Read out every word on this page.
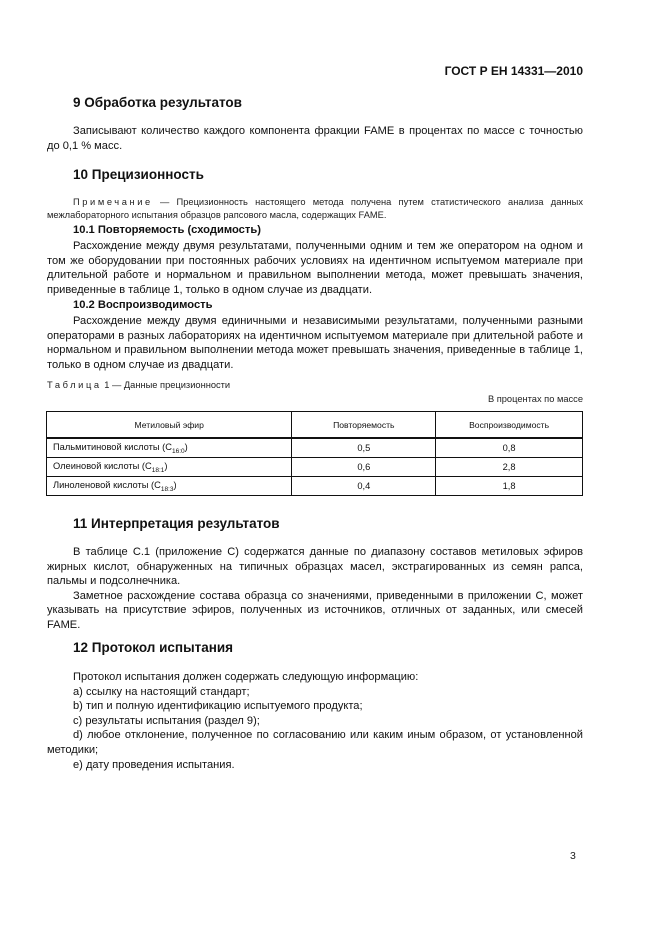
ГОСТ Р ЕН 14331—2010
9 Обработка результатов

Записывают количество каждого компонента фракции FAME в процентах по массе с точностью до 0,1 % масс.

10 Прецизионность

Примечание — Прецизионность настоящего метода получена путем статистического анализа данных межлабораторного испытания образцов рапсового масла, содержащих FAME.

10.1 Повторяемость (сходимость)

Расхождение между двумя результатами, полученными одним и тем же оператором на одном и том же оборудовании при постоянных рабочих условиях на идентичном испытуемом материале при длительной работе и нормальном и правильном выполнении метода, может превышать значения, приведенные в таблице 1, только в одном случае из двадцати.

10.2 Воспроизводимость

Расхождение между двумя единичными и независимыми результатами, полученными разными операторами в разных лабораториях на идентичном испытуемом материале при длительной работе и нормальном и правильном выполнении метода может превышать значения, приведенные в таблице 1, только в одном случае из двадцати.

Таблица 1 — Данные прецизионности
В процентах по массе
Метиловый эфир	Повторяемость	Воспроизводимость
Пальмитиновой кислоты $(C_{16:0})$	0,5	0,8
Олеиновой кислоты $(C_{18:1})$	0,6	2,8
Линоленовой кислоты $(C_{18:3})$	0,4	1,8
11 Интерпретация результатов

В таблице С.1 (приложение С) содержатся данные по диапазону составов метиловых эфиров жирных кислот, обнаруженных на типичных образцах масел, экстрагированных из семян рапса, пальмы и подсолнечника.

Заметное расхождение состава образца со значениями, приведенными в приложении С, может указывать на присутствие эфиров, полученных из источников, отличных от заданных, или смесей FAME.

12 Протокол испытания

Протокол испытания должен содержать следующую информацию:

a) ссылку на настоящий стандарт;

b) тип и полную идентификацию испытуемого продукта;

c) результаты испытания (раздел 9);

d) любое отклонение, полученное по согласованию или каким иным образом, от установленной методики;

e) дату проведения испытания.

3
